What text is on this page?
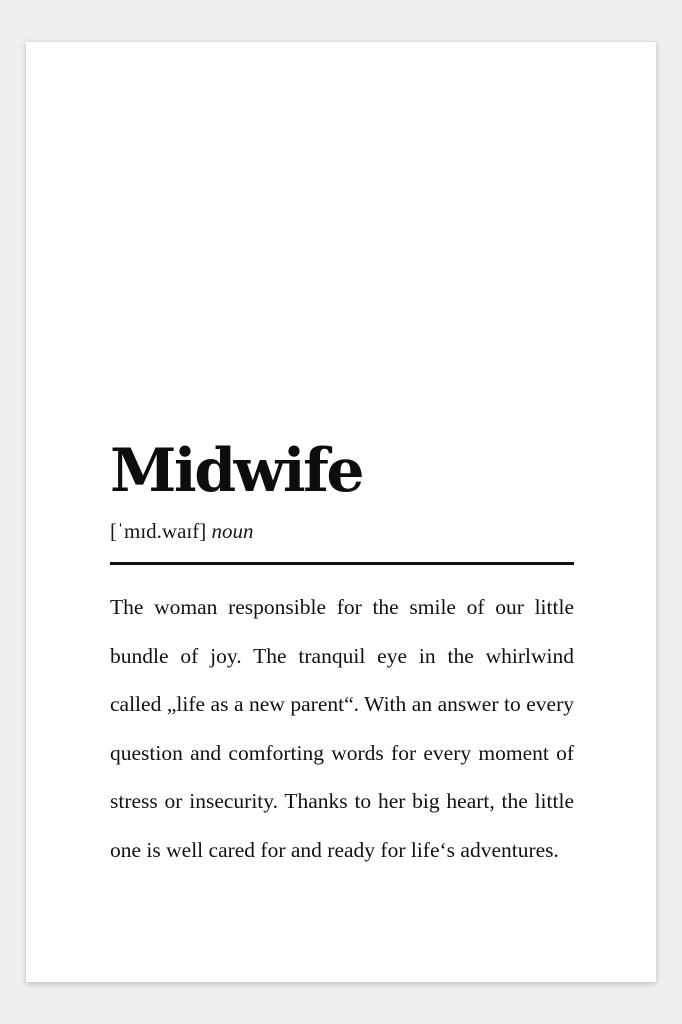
Midwife
[ˈmɪd.waɪf] noun

The woman responsible for the smile of our little bundle of joy. The tranquil eye in the whirlwind called „life as a new parent“. With an answer to every question and comforting words for every moment of stress or insecurity. Thanks to her big heart, the little one is well cared for and ready for life‘s adventures.
